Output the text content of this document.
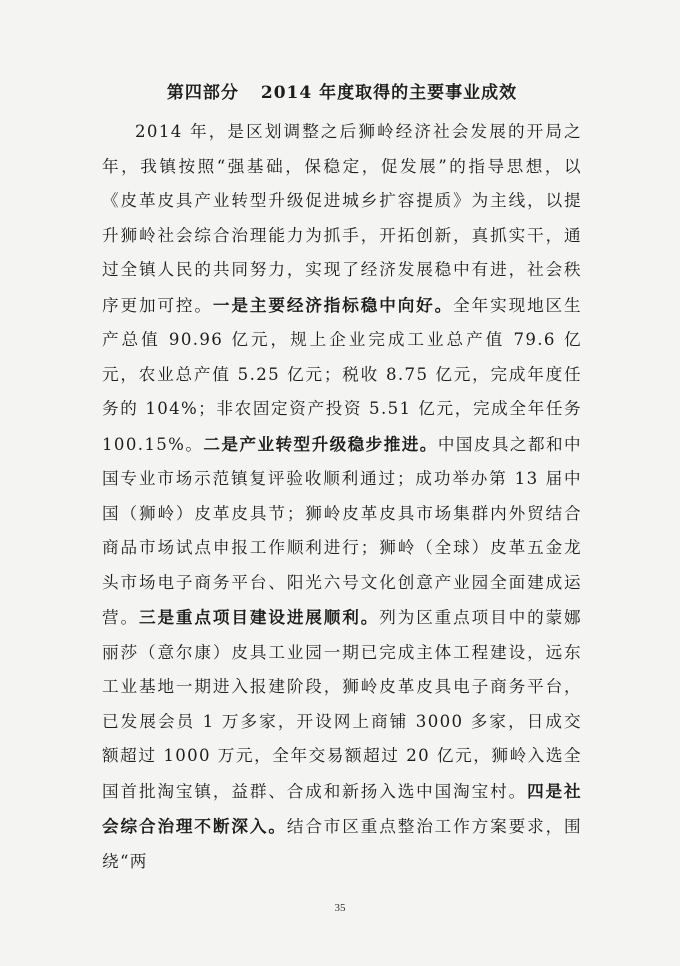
第四部分 2014 年度取得的主要事业成效

2014 年，是区划调整之后狮岭经济社会发展的开局之年，我镇按照“强基础，保稳定，促发展”的指导思想，以《皮革皮具产业转型升级促进城乡扩容提质》为主线，以提升狮岭社会综合治理能力为抓手，开拓创新，真抓实干，通过全镇人民的共同努力，实现了经济发展稳中有进，社会秩序更加可控。一是主要经济指标稳中向好。全年实现地区生产总值 90.96 亿元，规上企业完成工业总产值 79.6 亿元，农业总产值 5.25 亿元；税收 8.75 亿元，完成年度任务的 104%；非农固定资产投资 5.51 亿元，完成全年任务 100.15%。二是产业转型升级稳步推进。中国皮具之都和中国专业市场示范镇复评验收顺利通过；成功举办第 13 届中国（狮岭）皮革皮具节；狮岭皮革皮具市场集群内外贸结合商品市场试点申报工作顺利进行；狮岭（全球）皮革五金龙头市场电子商务平台、阳光六号文化创意产业园全面建成运营。三是重点项目建设进展顺利。列为区重点项目中的蒙娜丽莎（意尔康）皮具工业园一期已完成主体工程建设，远东工业基地一期进入报建阶段，狮岭皮革皮具电子商务平台，已发展会员 1 万多家，开设网上商铺 3000 多家，日成交额超过 1000 万元，全年交易额超过 20 亿元，狮岭入选全国首批淘宝镇，益群、合成和新扬入选中国淘宝村。四是社会综合治理不断深入。结合市区重点整治工作方案要求，围绕“两

35
